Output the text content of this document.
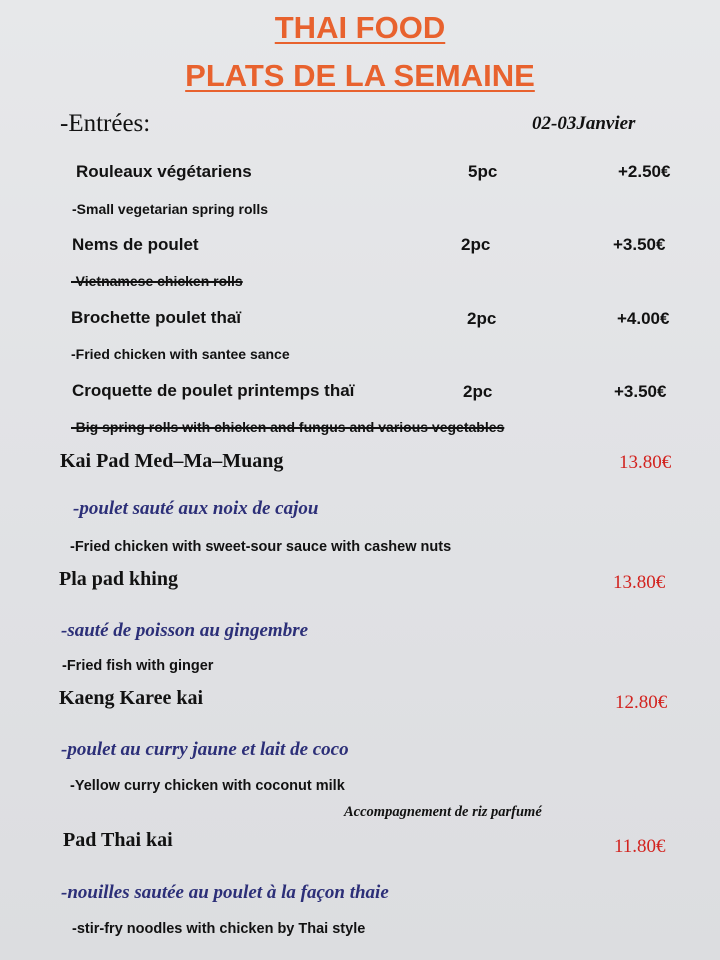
THAI FOOD
PLATS DE LA SEMAINE
-Entrées:	02-03Janvier
Rouleaux végétariens	5pc	+2.50€
-Small vegetarian spring rolls
Nems de poulet	2pc	+3.50€
-Vietnamese chicken rolls
Brochette poulet thaï	2pc	+4.00€
-Fried chicken with santee sance
Croquette de poulet printemps thaï	2pc	+3.50€
-Big spring rolls with chicken and fungus and various vegetables
Kai Pad Med–Ma–Muang	13.80€
-poulet sauté aux noix de cajou
-Fried chicken with sweet-sour sauce with cashew nuts
Pla pad khing	13.80€
-sauté de poisson au gingembre
-Fried fish with ginger
Kaeng Karee kai	12.80€
-poulet au curry jaune et lait de coco
-Yellow curry chicken with coconut milk
Accompagnement de riz parfumé
Pad Thai kai	11.80€
-nouilles sautée au poulet à la façon thaie
-stir-fry noodles with chicken by Thai style
